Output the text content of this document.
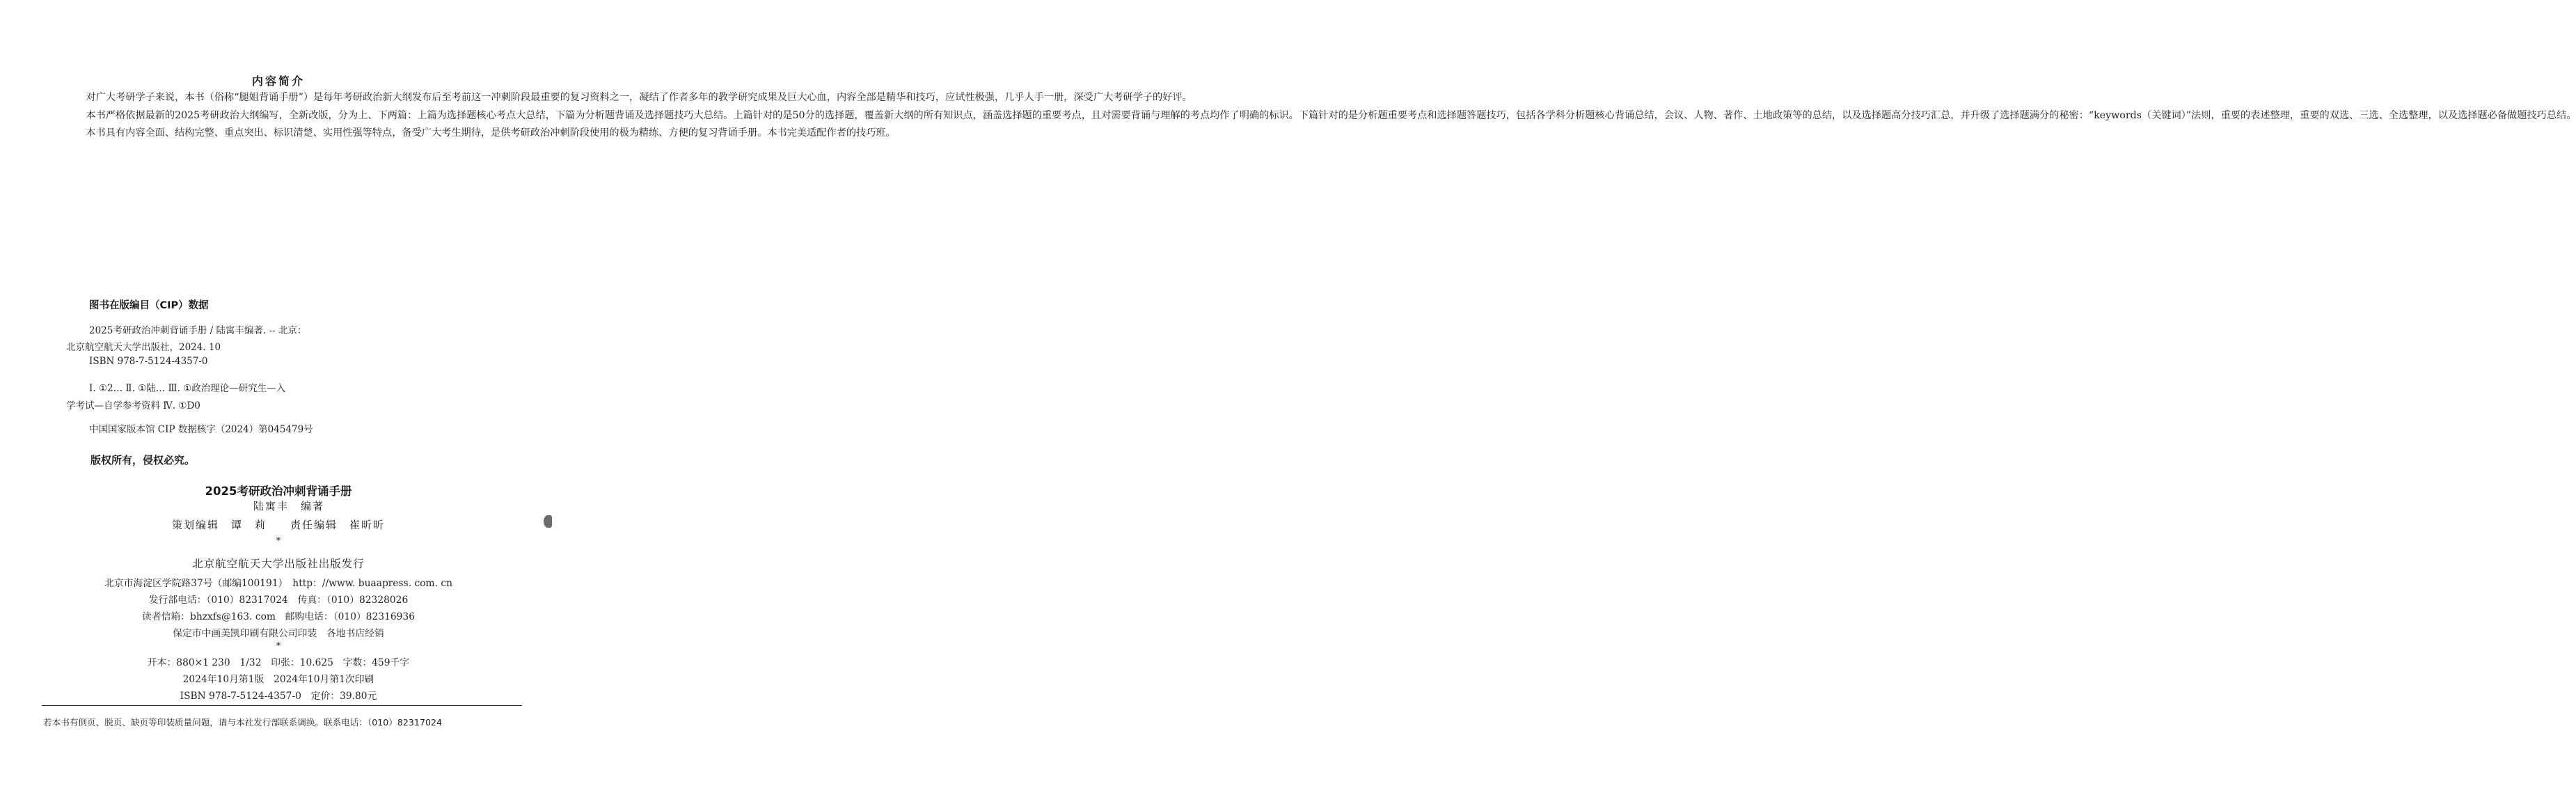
内容简介

对广大考研学子来说，本书（俗称“腿姐背诵手册”）是每年考研政治新大纲发布后至考前这一冲刺阶段最重要的复习资料之一，凝结了作者多年的教学研究成果及巨大心血，内容全部是精华和技巧，应试性极强，几乎人手一册，深受广大考研学子的好评。

本书严格依据最新的2025考研政治大纲编写，全新改版，分为上、下两篇：上篇为选择题核心考点大总结，下篇为分析题背诵及选择题技巧大总结。上篇针对的是50分的选择题，覆盖新大纲的所有知识点，涵盖选择题的重要考点，且对需要背诵与理解的考点均作了明确的标识。下篇针对的是分析题重要考点和选择题答题技巧，包括各学科分析题核心背诵总结，会议、人物、著作、土地政策等的总结，以及选择题高分技巧汇总，并升级了选择题满分的秘密：“keywords（关键词）”法则，重要的表述整理，重要的双选、三选、全选整理，以及选择题必备做题技巧总结。

本书具有内容全面、结构完整、重点突出、标识清楚、实用性强等特点，备受广大考生期待，是供考研政治冲刺阶段使用的极为精练、方便的复习背诵手册。本书完美适配作者的技巧班。

图书在版编目（CIP）数据
2025考研政治冲刺背诵手册 / 陆寓丰编著. -- 北京：
北京航空航天大学出版社，2024. 10
ISBN 978-7-5124-4357-0
Ⅰ. ①2… Ⅱ. ①陆… Ⅲ. ①政治理论—研究生—入
学考试—自学参考资料 Ⅳ. ①D0
中国国家版本馆 CIP 数据核字（2024）第045479号
版权所有，侵权必究。
2025考研政治冲刺背诵手册
陆寓丰　编著
策划编辑　谭　莉　　责任编辑　崔昕昕
*
北京航空航天大学出版社出版发行
北京市海淀区学院路37号（邮编100191）　http：//www. buaapress. com. cn
发行部电话：（010）82317024　传真：（010）82328026
读者信箱：bhzxfs@163. com　邮购电话：（010）82316936
保定市中画美凯印刷有限公司印装　各地书店经销
*
开本：880×1 230　1/32　印张：10.625　字数：459千字
2024年10月第1版　2024年10月第1次印刷
ISBN 978-7-5124-4357-0　定价：39.80元
若本书有倒页、脱页、缺页等印装质量问题，请与本社发行部联系调换。联系电话：（010）82317024
